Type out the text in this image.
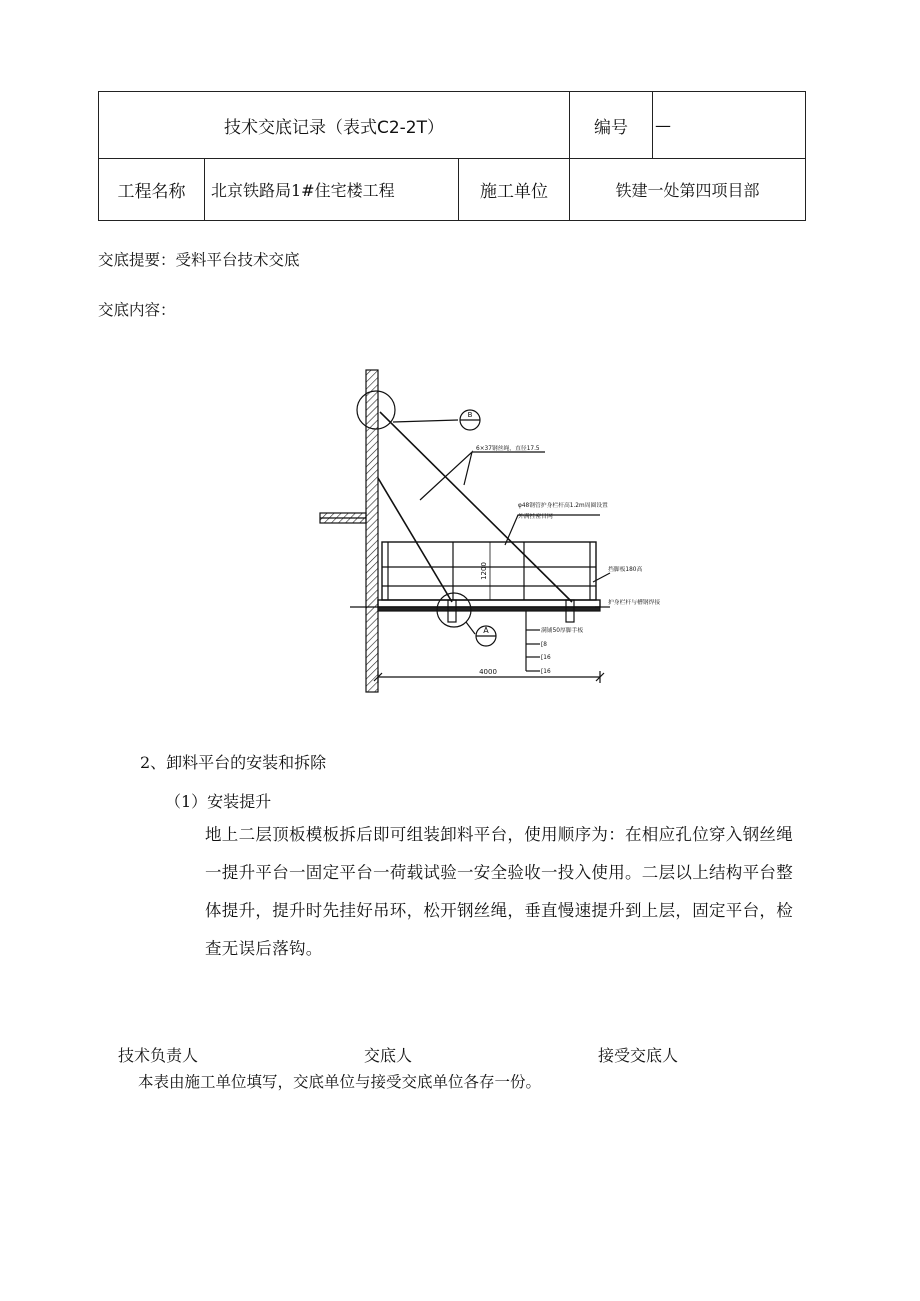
技术交底记录（表式C2-2T）			编号	—
工程名称	北京铁路局1#住宅楼工程	施工单位	铁建一处第四项目部	
交底提要：受料平台技术交底
交底内容：
B
A
6×37钢丝绳，直径17.5
φ48钢管护身栏杆高1.2m周圈设置
外满挂密目网
1200	挡脚板180高
护身栏杆与槽钢焊接
满铺50厚脚手板
[8
[16
[16
4000
2、卸料平台的安装和拆除
（1）安装提升

地上二层顶板模板拆后即可组装卸料平台，使用顺序为：在相应孔位穿入钢丝绳

一提升平台一固定平台一荷载试验一安全验收一投入使用。二层以上结构平台整

体提升，提升时先挂好吊环，松开钢丝绳，垂直慢速提升到上层，固定平台，检

查无误后落钩。

技术负责人	交底人	接受交底人
本表由施工单位填写，交底单位与接受交底单位各存一份。
